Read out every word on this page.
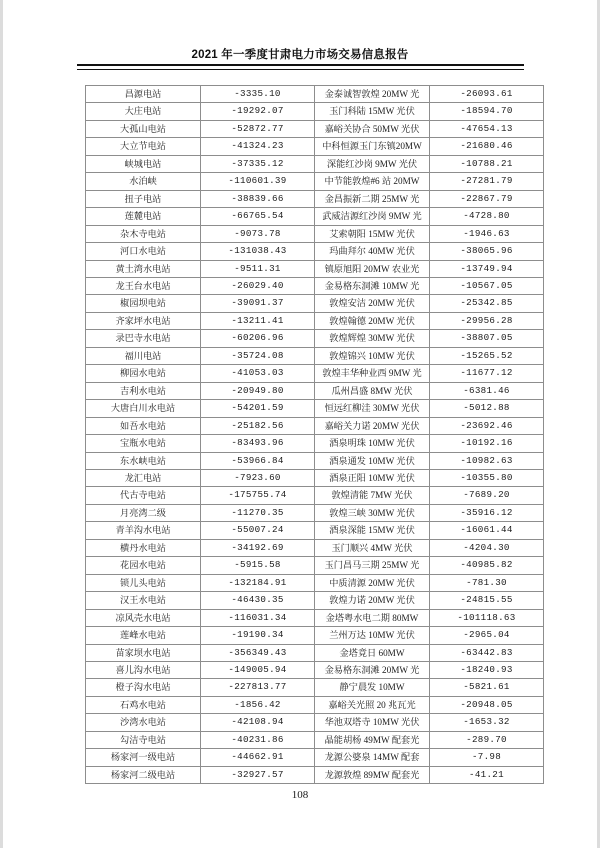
2021 年一季度甘肃电力市场交易信息报告
昌源电站	-3335.10	金泰诚智敦煌 20MW 光	-26093.61
大庄电站	-19292.07	玉门科陆 15MW 光伏	-18594.70
大孤山电站	-52872.77	嘉峪关协合 50MW 光伏	-47654.13
大立节电站	-41324.23	中科恒源玉门东镇20MW	-21680.46
峡城电站	-37335.12	深能红沙岗 9MW 光伏	-10788.21
水泊峡	-110601.39	中节能敦煌#6 站 20MW	-27281.79
扭子电站	-38839.66	金昌振新二期 25MW 光	-22867.79
莲麓电站	-66765.54	武威洁源红沙岗 9MW 光	-4728.80
杂木寺电站	-9073.78	艾索朝阳 15MW 光伏	-1946.63
河口水电站	-131038.43	玛曲拜尔 40MW 光伏	-38065.96
黄土湾水电站	-9511.31	镇原旭阳 20MW 农业光	-13749.94
龙王台水电站	-26029.40	金易格东洞滩 10MW 光	-10567.05
椒园坝电站	-39091.37	敦煌安洁 20MW 光伏	-25342.85
齐家坪水电站	-13211.41	敦煌翰德 20MW 光伏	-29956.28
录巴寺水电站	-60206.96	敦煌辉煌 30MW 光伏	-38807.05
福川电站	-35724.08	敦煌锦兴 10MW 光伏	-15265.52
柳园水电站	-41053.03	敦煌丰华种业西 9MW 光	-11677.12
吉利水电站	-20949.80	瓜州昌盛 8MW 光伏	-6381.46
大唐白川水电站	-54201.59	恒远红柳洼 30MW 光伏	-5012.88
如吾水电站	-25182.56	嘉峪关力诺 20MW 光伏	-23692.46
宝瓶水电站	-83493.96	酒泉明珠 10MW 光伏	-10192.16
东水峡电站	-53966.84	酒泉通发 10MW 光伏	-10982.63
龙汇电站	-7923.60	酒泉正阳 10MW 光伏	-10355.80
代古寺电站	-175755.74	敦煌清能 7MW 光伏	-7689.20
月亮湾二级	-11270.35	敦煌三峡 30MW 光伏	-35916.12
青羊沟水电站	-55007.24	酒泉深能 15MW 光伏	-16061.44
横丹水电站	-34192.69	玉门顺兴 4MW 光伏	-4204.30
花园水电站	-5915.58	玉门昌马三期 25MW 光	-40985.82
锁儿头电站	-132184.91	中质清源 20MW 光伏	-781.30
汉王水电站	-46430.35	敦煌力诺 20MW 光伏	-24815.55
凉风壳水电站	-116031.34	金塔粤水电二期 80MW	-101118.63
莲峰水电站	-19190.34	兰州万达 10MW 光伏	-2965.04
苗家坝水电站	-356349.43	金塔竟日 60MW	-63442.83
喜儿沟水电站	-149005.94	金易格东洞滩 20MW 光	-18240.93
橙子沟水电站	-227813.77	静宁晨发 10MW	-5821.61
石鸡水电站	-1856.42	嘉峪关光照 20 兆瓦光	-20948.05
沙湾水电站	-42108.94	华池双塔寺 10MW 光伏	-1653.32
勾洁寺电站	-40231.86	晶能胡杨 49MW 配套光	-289.70
杨家河一级电站	-44662.91	龙源公婆泉 14MW 配套	-7.98
杨家河二级电站	-32927.57	龙源敦煌 89MW 配套光	-41.21
108
